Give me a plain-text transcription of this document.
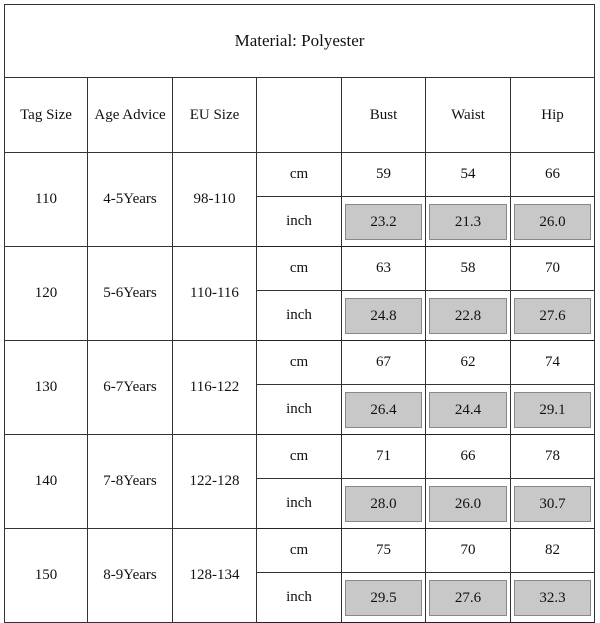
Material: Polyester						
Tag Size	Age Advice	EU Size		Bust	Waist	Hip
110	4-5Years	98-110	cm	59	54	66
			inch	23.2	21.3	26.0

120	5-6Years	110-116	cm	63	58	70
			inch	24.8	22.8	27.6

130	6-7Years	116-122	cm	67	62	74
			inch	26.4	24.4	29.1

140	7-8Years	122-128	cm	71	66	78
			inch	28.0	26.0	30.7

150	8-9Years	128-134	cm	75	70	82
			inch	29.5	27.6	32.3
